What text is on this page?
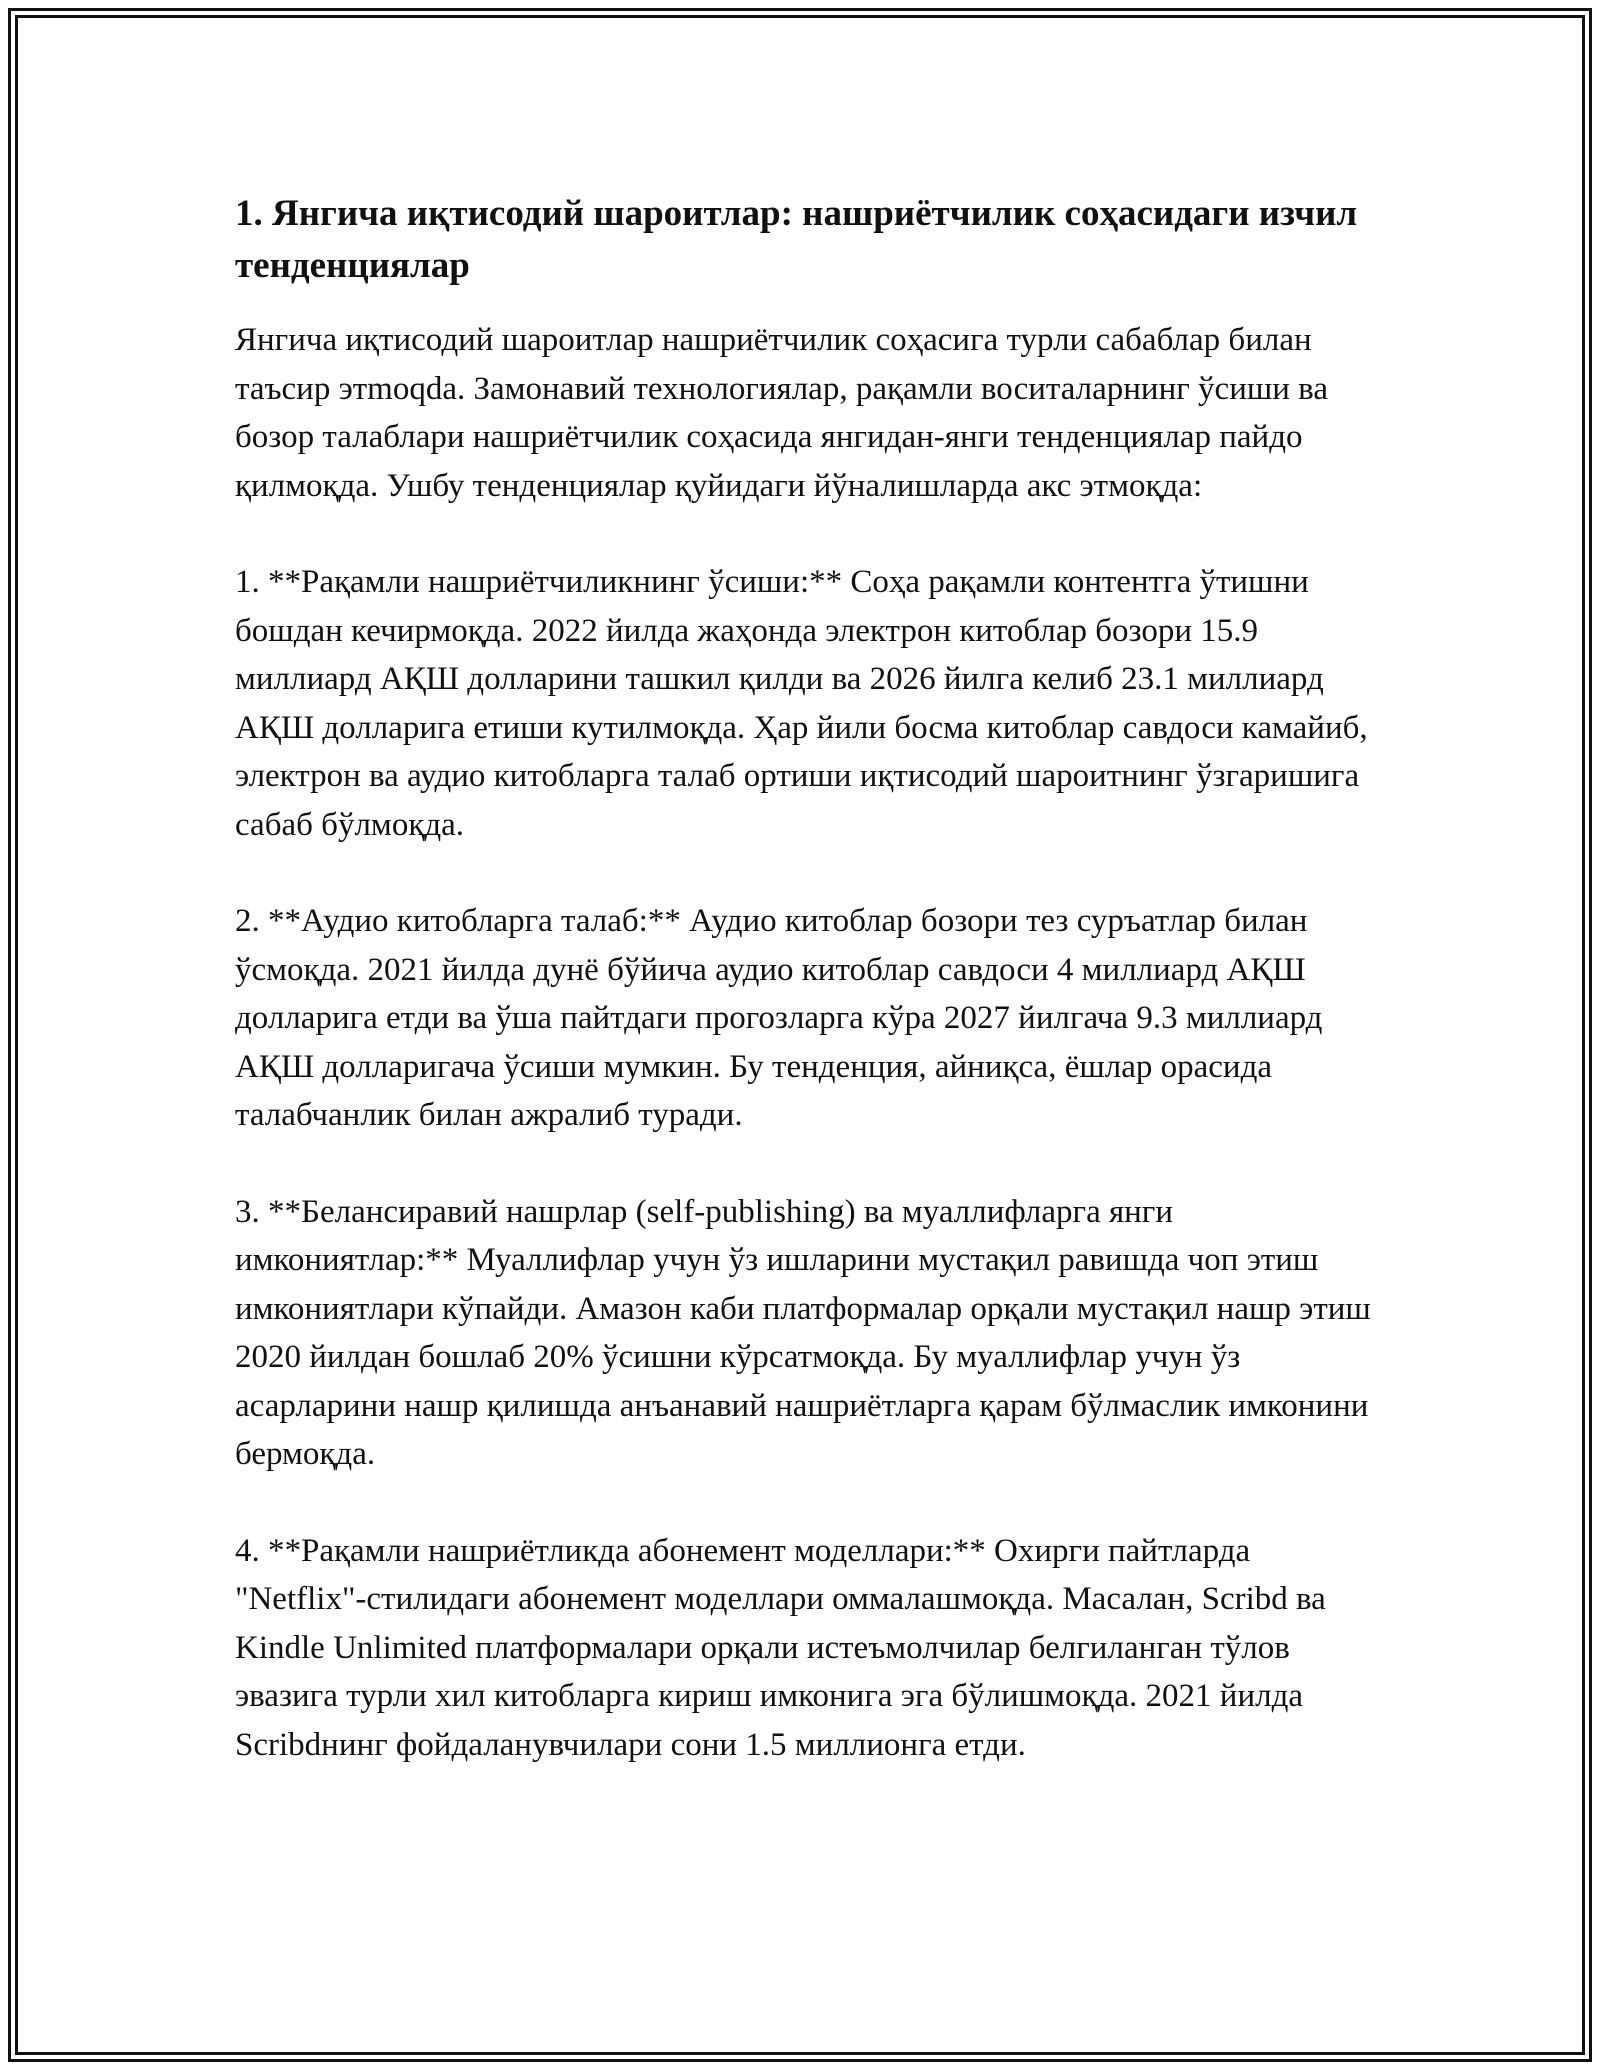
1. Янгича иқтисодий шароитлар: нашриётчилик соҳасидаги изчил тенденциялар

Янгича иқтисодий шароитлар нашриётчилик соҳасига турли сабаблар билан таъсир этmoqda. Замонавий технологиялар, рақамли воситаларнинг ўсиши ва бозор талаблари нашриётчилик соҳасида янгидан-янги тенденциялар пайдо қилмоқда. Ушбу тенденциялар қуйидаги йўналишларда акс этмоқда:

1. **Рақамли нашриётчиликнинг ўсиши:** Соҳа рақамли контентга ўтишни бошдан кечирмоқда. 2022 йилда жаҳонда электрон китоблар бозори 15.9 миллиард АҚШ долларини ташкил қилди ва 2026 йилга келиб 23.1 миллиард АҚШ долларига етиши кутилмоқда. Ҳар йили босма китоблар савдоси камайиб, электрон ва аудио китобларга талаб ортиши иқтисодий шароитнинг ўзгаришига сабаб бўлмоқда.

2. **Аудио китобларга талаб:** Аудио китоблар бозори тез суръатлар билан ўсмоқда. 2021 йилда дунё бўйича аудио китоблар савдоси 4 миллиард АҚШ долларига етди ва ўша пайтдаги прогозларга кўра 2027 йилгача 9.3 миллиард АҚШ долларигача ўсиши мумкин. Бу тенденция, айниқса, ёшлар орасида талабчанлик билан ажралиб туради.

3. **Белансиравий нашрлар (self-publishing) ва муаллифларга янги имкониятлар:** Муаллифлар учун ўз ишларини мустақил равишда чоп этиш имкониятлари кўпайди. Амазон каби платформалар орқали мустақил нашр этиш 2020 йилдан бошлаб 20% ўсишни кўрсатмоқда. Бу муаллифлар учун ўз асарларини нашр қилишда анъанавий нашриётларга қарам бўлмаслик имконини бермоқда.

4. **Рақамли нашриётликда абонемент моделлари:** Охирги пайтларда "Netflix"-стилидаги абонемент моделлари оммалашмоқда. Масалан, Scribd ва Kindle Unlimited платформалари орқали истеъмолчилар белгиланган тўлов эвазига турли хил китобларга кириш имконига эга бўлишмоқда. 2021 йилда Scribdнинг фойдаланувчилари сони 1.5 миллионга етди.
